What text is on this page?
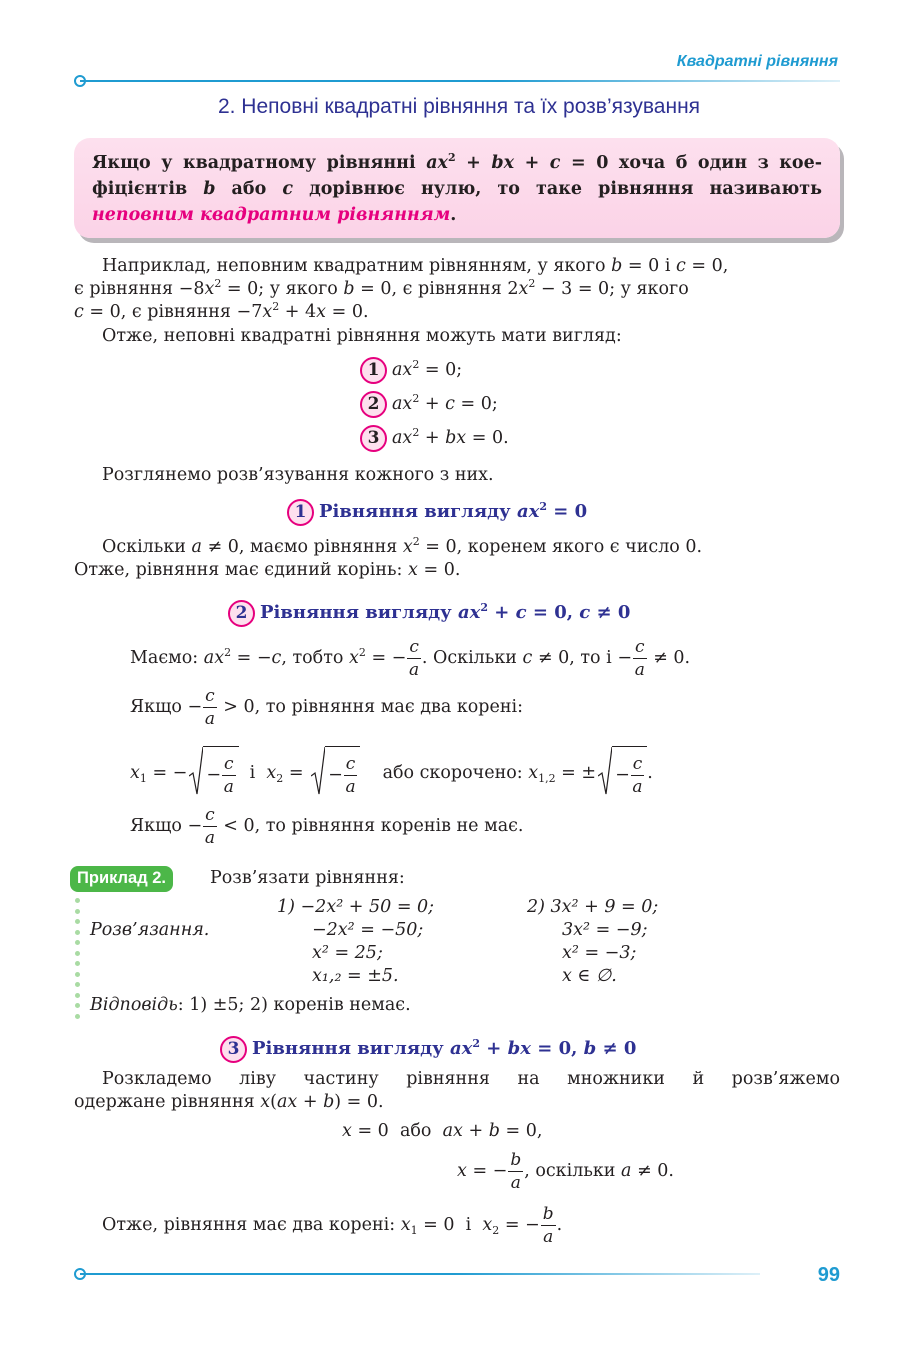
Квадратні рівняння
2. Неповні квадратні рівняння та їх розв’язування

Якщо у квадратному рівнянні $ax^2$ + bx + c = 0 хоча б один з коефіцієнтів b або c дорівнює нулю, то таке рівняння називають неповним квадратним рівнянням.

Наприклад, неповним квадратним рівнянням, у якого b = 0 і c = 0,
є рівняння $-8x^2 = 0$; у якого b = 0, є рівняння $2x^2 - 3 = 0$; у якого
c = 0, є рівняння $-7x^2 + 4x = 0$.
Отже, неповні квадратні рівняння можуть мати вигляд:
1 $ax^2 = 0$;
2 $ax^2 + c = 0$;
3 $ax^2$ + bx = 0.
Розглянемо розв’язування кожного з них.
1 Рівняння вигляду $ax^2 = 0$
Оскільки a ≠ 0, маємо рівняння $x^2 = 0$, коренем якого є число 0.
Отже, рівняння має єдиний корінь: x = 0.
2 Рівняння вигляду $ax^2 + c = 0$, c ≠ 0
Маємо: $ax^2 = -c$, тобто $x^2$ = − $\frac{c}{a}$ . Оскільки c ≠ 0, то $і - \frac{c}{a} \ne 0$.
Якщо − $\frac{c}{a} > 0$, то рівняння має два корені:
$x_1$ = − − $\frac{c}{a}$ і $x_2$ =
− $\frac{c}{a}$ або скорочено: $x_{1,2}$ = ± − $\frac{c}{a}$ .
Якщо − $\frac{c}{a} < 0$, то рівняння коренів не має.
Приклад 2.	Розв’язати рівняння:
Розв’язання.
1) −2x² + 50 = 0;
−2x² = −50;
x² = 25;
x₁,₂ = ±5.
2) 3x² + 9 = 0;
3x² = −9;
x² = −3;
x ∈ ∅.
Відповідь: 1) ±5; 2) коренів немає.
3 Рівняння вигляду $ax^2$ + bx = 0, b ≠ 0
Розкладемо ліву частину рівняння на множники й розв’яжемо
одержане рівняння x(ax + b) = 0.
x = 0  або ax + b = 0,
x = − $\frac{b}{a}$ , оскільки a ≠ 0.
Отже, рівняння має два корені: $x_1 = 0$  і $x_2$ = − $\frac{b}{a}$ .
99
